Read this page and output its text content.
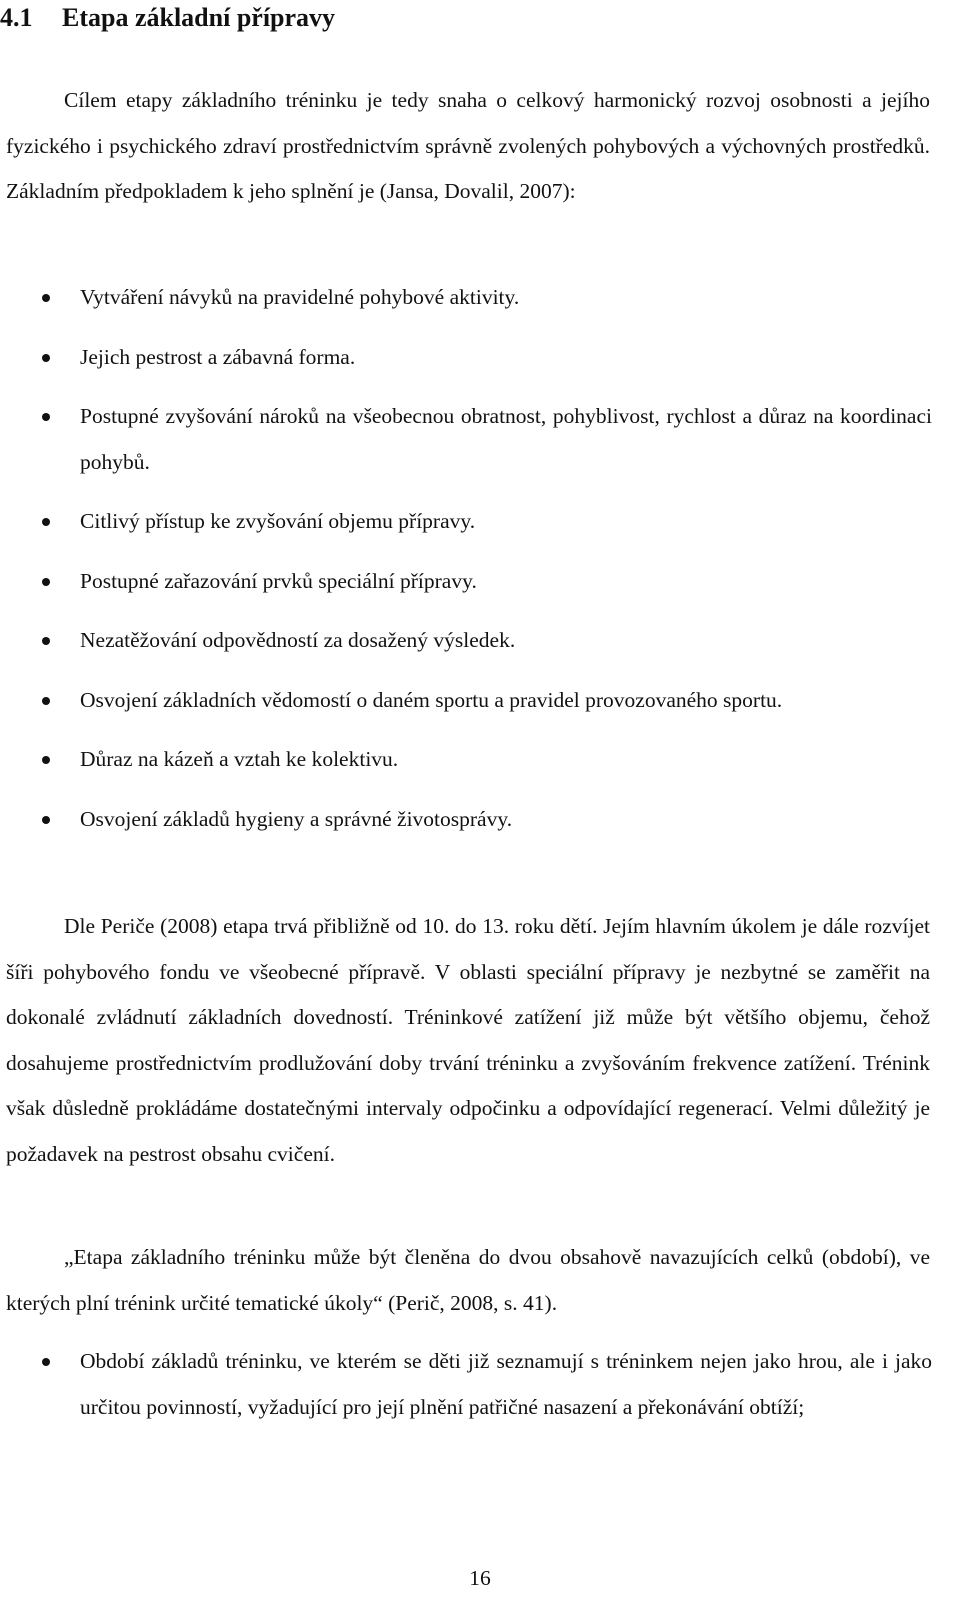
4.1 Etapa základní přípravy

Cílem etapy základního tréninku je tedy snaha o celkový harmonický rozvoj osobnosti a jejího fyzického i psychického zdraví prostřednictvím správně zvolených pohybových a výchovných prostředků. Základním předpokladem k jeho splnění je (Jansa, Dovalil, 2007):

Vytváření návyků na pravidelné pohybové aktivity.
Jejich pestrost a zábavná forma.
Postupné zvyšování nároků na všeobecnou obratnost, pohyblivost, rychlost a důraz na koordinaci pohybů.
Citlivý přístup ke zvyšování objemu přípravy.
Postupné zařazování prvků speciální přípravy.
Nezatěžování odpovědností za dosažený výsledek.
Osvojení základních vědomostí o daném sportu a pravidel provozovaného sportu.
Důraz na kázeň a vztah ke kolektivu.
Osvojení základů hygieny a správné životosprávy.

Dle Periče (2008) etapa trvá přibližně od 10. do 13. roku dětí. Jejím hlavním úkolem je dále rozvíjet šíři pohybového fondu ve všeobecné přípravě. V oblasti speciální přípravy je nezbytné se zaměřit na dokonalé zvládnutí základních dovedností. Tréninkové zatížení již může být většího objemu, čehož dosahujeme prostřednictvím prodlužování doby trvání tréninku a zvyšováním frekvence zatížení. Trénink však důsledně prokládáme dostatečnými intervaly odpočinku a odpovídající regenerací. Velmi důležitý je požadavek na pestrost obsahu cvičení.

„Etapa základního tréninku může být členěna do dvou obsahově navazujících celků (období), ve kterých plní trénink určité tematické úkoly“ (Perič, 2008, s. 41).

Období základů tréninku, ve kterém se děti již seznamují s tréninkem nejen jako hrou, ale i jako určitou povinností, vyžadující pro její plnění patřičné nasazení a překonávání obtíží;
16
